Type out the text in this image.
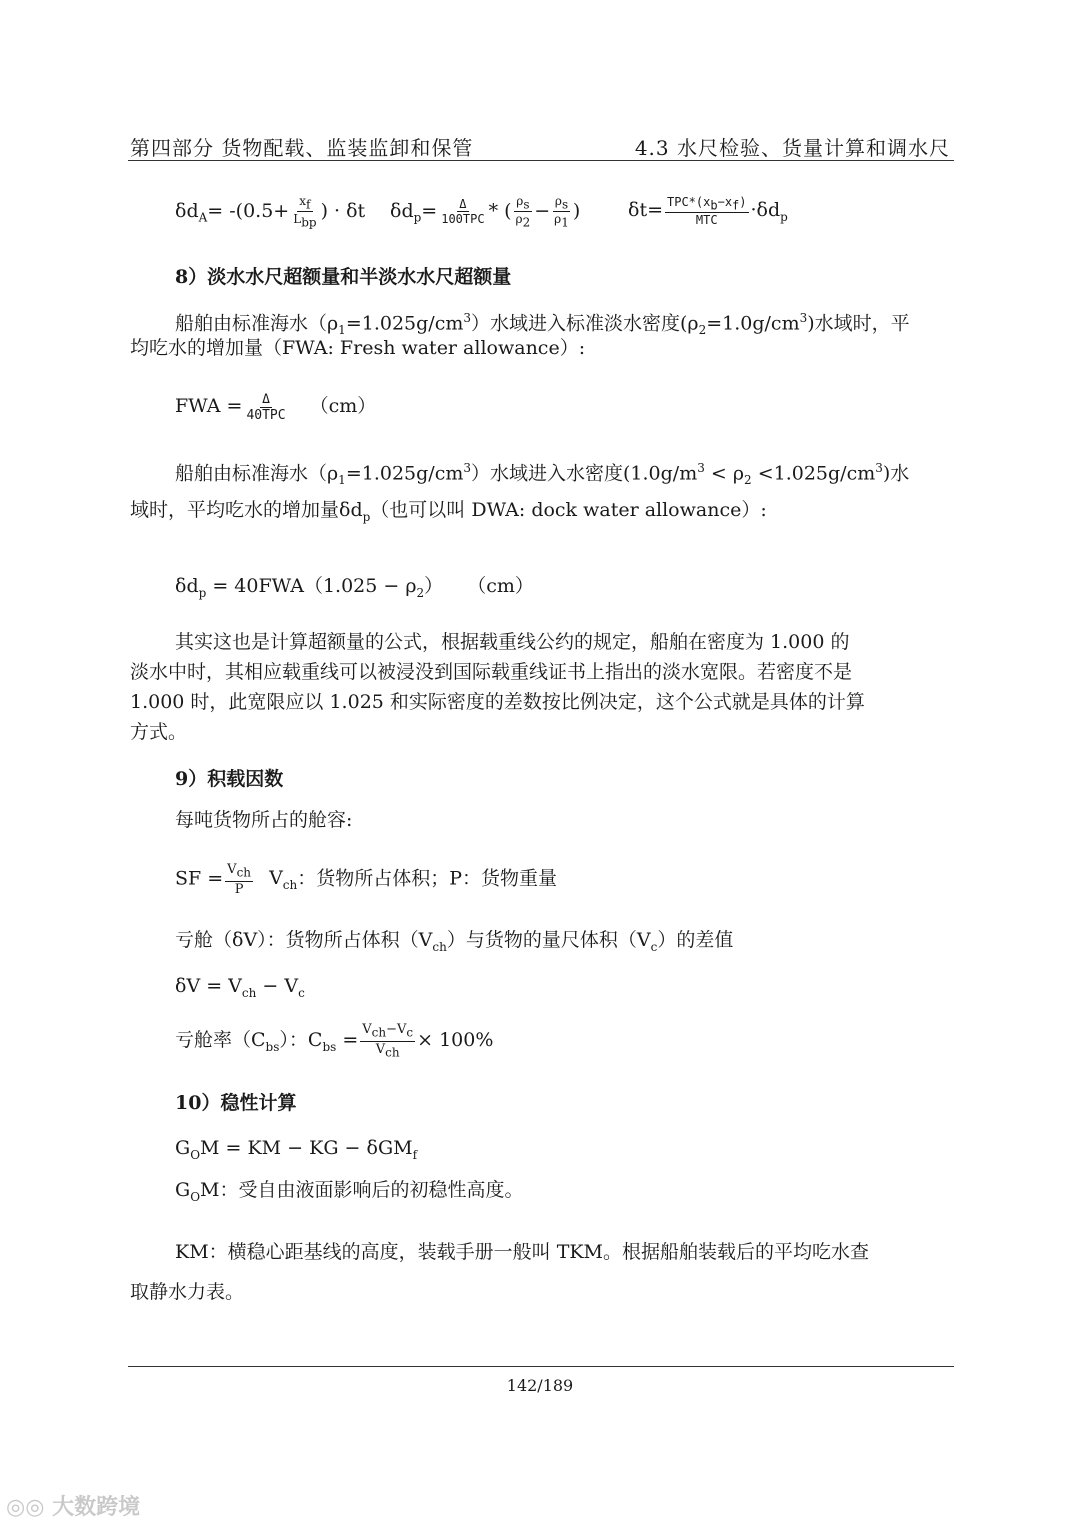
第四部分 货物配载、监装监卸和保管	4.3 水尺检验、货量计算和调水尺
$\delta d_A= -(0.5+ \frac{x_f}{L_{bp}}$ ) · δt $\delta d_p= \frac{\Delta}{\text{100TPC}}$ * ( $\frac{\rho_s}{\rho_2} - \frac{\rho_s}{\rho_1}$ )	$\delta t= \frac{TPC*(x_b-x_f)}{\text{MTC}} \cdot\delta d_p$
8）淡水水尺超额量和半淡水水尺超额量
船舶由标准海水$(\rho_1=1.025g/cm^3)$水域进入标准淡水密度$(\rho_2=1.0g/cm^3)$水域时，平
均吃水的增加量（FWA: Fresh water allowance）:
FWA = $\frac{\Delta}{\text{40TPC}} (cm)$
船舶由标准海水$(\rho_1=1.025g/cm^3)$水域进入水密度$(1.0g/m^3 < \rho_2 <1.025g/cm^3)$水
域时，平均吃水的增加量$\delta d_p$（也可以叫 DWA: dock water allowance）:
$\delta d_p = 40FWA(1.025 - \rho_2)$ （cm）
其实这也是计算超额量的公式，根据载重线公约的规定，船舶在密度为 1.000 的
淡水中时，其相应载重线可以被浸没到国际载重线证书上指出的淡水宽限。若密度不是
1.000 时，此宽限应以 1.025 和实际密度的差数按比例决定，这个公式就是具体的计算
方式。
9）积载因数
每吨货物所占的舱容:
SF = $\frac{V_{ch}}{P} V_{ch}$：货物所占体积；P：货物重量
亏舱（δV）：货物所占体积$(V_{ch})$与货物的量尺体积$(V_c)$的差值
$\delta V = V_{ch} - V_c$
亏舱率$(C_{bs})$：$C_{bs} = \frac{V_{ch}-V_c}{V_{ch}} \times 100\%$
10）稳性计算
$G_OM$ = KM − KG − δGM$_f$
$G_OM$：受自由液面影响后的初稳性高度。
KM：横稳心距基线的高度，装载手册一般叫 TKM。根据船舶装载后的平均吃水查
取静水力表。
142/189
◎◎ 大数跨境
